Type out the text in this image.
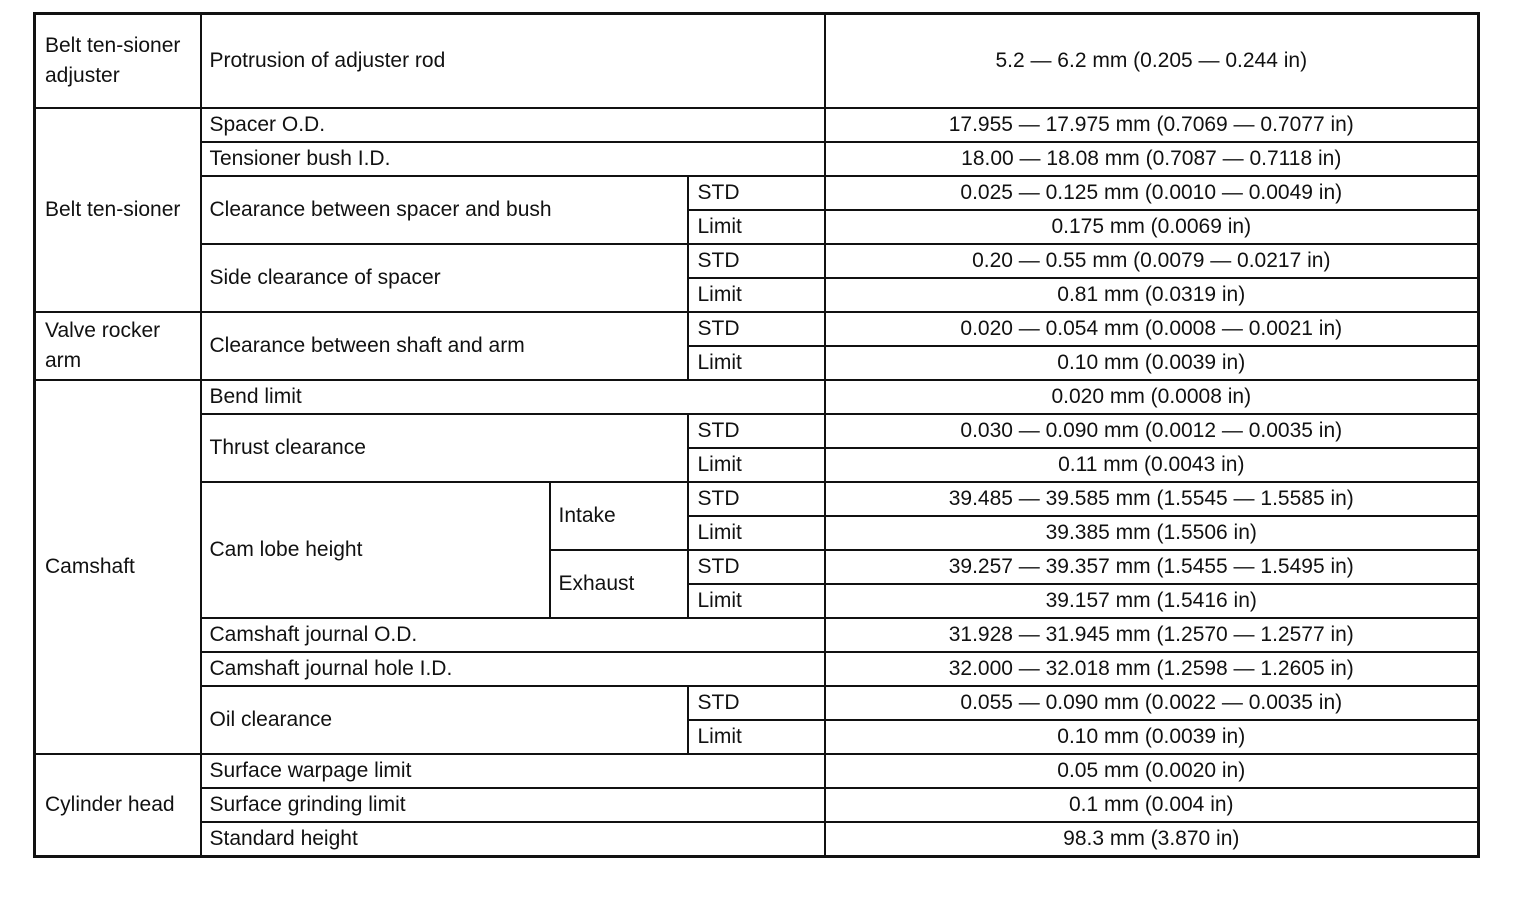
Belt ten-sioner adjuster	Protrusion of adjuster rod			5.2 — 6.2 mm (0.205 — 0.244 in)
Belt ten-sioner	Spacer O.D.			17.955 — 17.975 mm (0.7069 — 0.7077 in)
	Tensioner bush I.D.			18.00 — 18.08 mm (0.7087 — 0.7118 in)
	Clearance between spacer and bush		STD	0.025 — 0.125 mm (0.0010 — 0.0049 in)
			Limit	0.175 mm (0.0069 in)
	Side clearance of spacer		STD	0.20 — 0.55 mm (0.0079 — 0.0217 in)
			Limit	0.81 mm (0.0319 in)
Valve rocker arm	Clearance between shaft and arm		STD	0.020 — 0.054 mm (0.0008 — 0.0021 in)
			Limit	0.10 mm (0.0039 in)
Camshaft	Bend limit			0.020 mm (0.0008 in)
	Thrust clearance		STD	0.030 — 0.090 mm (0.0012 — 0.0035 in)
			Limit	0.11 mm (0.0043 in)
	Cam lobe height	Intake	STD	39.485 — 39.585 mm (1.5545 — 1.5585 in)
			Limit	39.385 mm (1.5506 in)
		Exhaust	STD	39.257 — 39.357 mm (1.5455 — 1.5495 in)
			Limit	39.157 mm (1.5416 in)
	Camshaft journal O.D.			31.928 — 31.945 mm (1.2570 — 1.2577 in)
	Camshaft journal hole I.D.			32.000 — 32.018 mm (1.2598 — 1.2605 in)
	Oil clearance		STD	0.055 — 0.090 mm (0.0022 — 0.0035 in)
			Limit	0.10 mm (0.0039 in)
Cylinder head	Surface warpage limit			0.05 mm (0.0020 in)
	Surface grinding limit			0.1 mm (0.004 in)
	Standard height			98.3 mm (3.870 in)
